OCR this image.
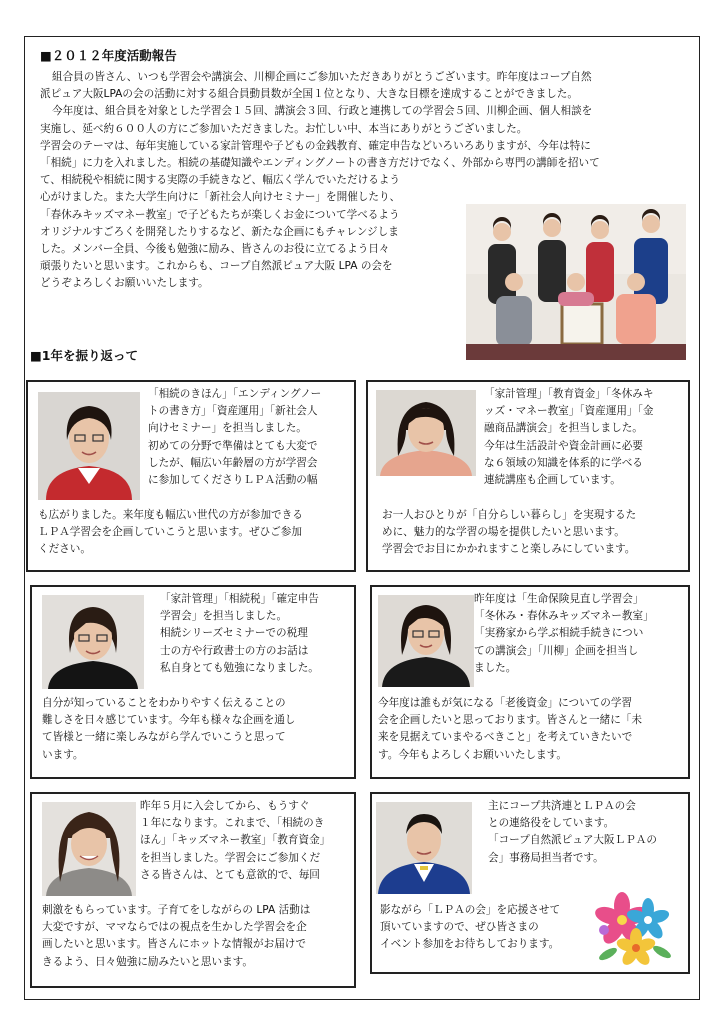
■２０１２年度活動報告

組合員の皆さん、いつも学習会や講演会、川柳企画にご参加いただきありがとうございます。昨年度はコープ自然

派ピュア大阪LPAの会の活動に対する組合員動員数が全国１位となり、大きな目標を達成することができました。

今年度は、組合員を対象とした学習会１５回、講演会３回、行政と連携しての学習会５回、川柳企画、個人相談を

実施し、延べ約６００人の方にご参加いただきました。お忙しい中、本当にありがとうございました。

学習会のテーマは、毎年実施している家計管理や子どもの金銭教育、確定申告などいろいろありますが、今年は特に

「相続」に力を入れました。相続の基礎知識やエンディングノートの書き方だけでなく、外部から専門の講師を招いて

て、相続税や相続に関する実際の手続きなど、幅広く学んでいただけるよう

心がけました。また大学生向けに「新社会人向けセミナー」を開催したり、

「春休みキッズマネー教室」で子どもたちが楽しくお金について学べるよう

オリジナルすごろくを開発したりするなど、新たな企画にもチャレンジしま

した。メンバー全員、今後も勉強に励み、皆さんのお役に立てるよう日々

頑張りたいと思います。これからも、コープ自然派ピュア大阪 LPA の会を

どうぞよろしくお願いいたします。

■1年を振り返って
「相続のきほん」「エンディングノー
トの書き方」「資産運用」「新社会人
向けセミナー」を担当しました。
初めての分野で準備はとても大変で
したが、幅広い年齢層の方が学習会
に参加してくださりＬＰＡ活動の幅
も広がりました。来年度も幅広い世代の方が参加できる
ＬＰＡ学習会を企画していこうと思います。ぜひご参加
ください。
「家計管理」「教育資金」「冬休みキ
ッズ・マネー教室」「資産運用」「金
融商品講演会」を担当しました。
今年は生活設計や資金計画に必要
な６領域の知識を体系的に学べる
連続講座も企画しています。
お一人おひとりが「自分らしい暮らし」を実現するた
めに、魅力的な学習の場を提供したいと思います。
学習会でお目にかかれますこと楽しみにしています。
「家計管理」「相続税」「確定申告
学習会」を担当しました。
相続シリーズセミナーでの税理
士の方や行政書士の方のお話は
私自身とても勉強になりました。
自分が知っていることをわかりやすく伝えることの
難しさを日々感じています。今年も様々な企画を通し
て皆様と一緒に楽しみながら学んでいこうと思って
います。
昨年度は「生命保険見直し学習会」
「冬休み・春休みキッズマネー教室」
「実務家から学ぶ相続手続きについ
ての講演会」「川柳」企画を担当し
ました。
今年度は誰もが気になる「老後資金」についての学習
会を企画したいと思っております。皆さんと一緒に「未
来を見据えていまやるべきこと」を考えていきたいで
す。今年もよろしくお願いいたします。
昨年５月に入会してから、もうすぐ
１年になります。これまで、「相続のき
ほん」「キッズマネー教室」「教育資金」
を担当しました。学習会にご参加くだ
さる皆さんは、とても意欲的で、毎回
刺激をもらっています。子育てをしながらの LPA 活動は
大変ですが、ママならではの視点を生かした学習会を企
画したいと思います。皆さんにホットな情報がお届けで
きるよう、日々勉強に励みたいと思います。
主にコープ共済連とＬＰＡの会
との連絡役をしています。
「コープ自然派ピュア大阪ＬＰＡの
会」事務局担当者です。
影ながら「ＬＰＡの会」を応援させて
頂いていますので、ぜひ皆さまの
イベント参加をお待ちしております。
